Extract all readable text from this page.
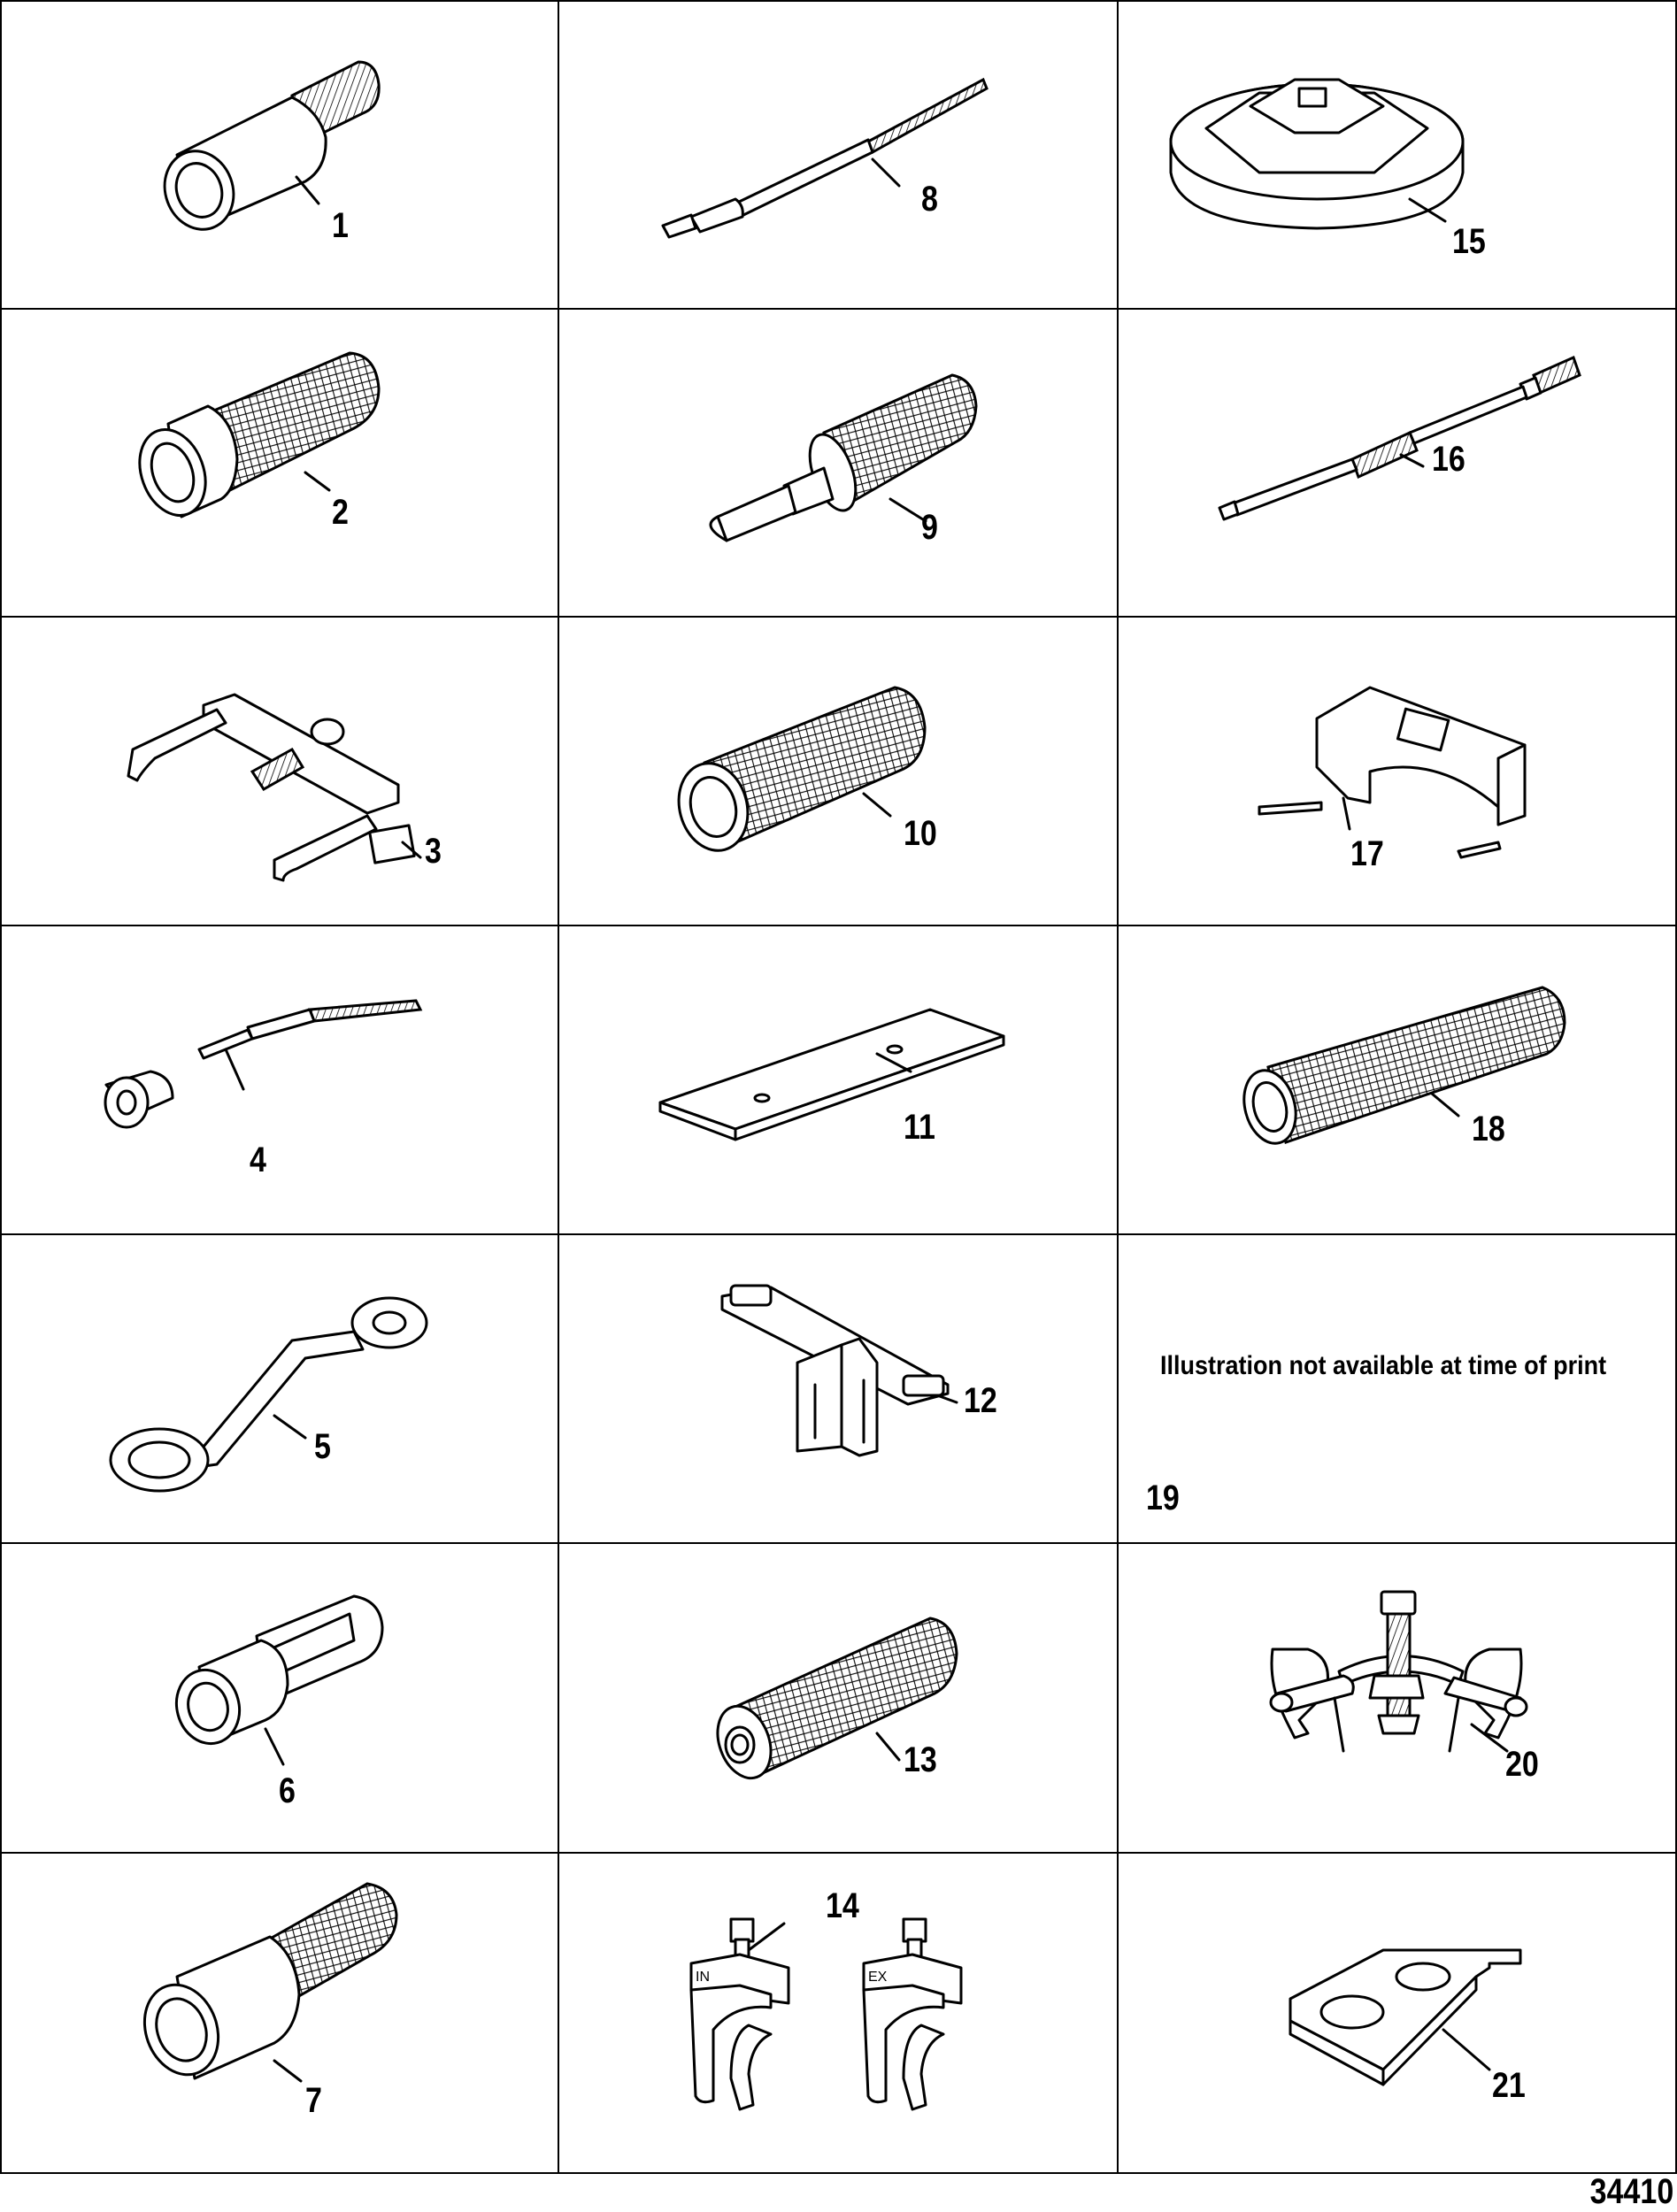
1
2
3
4
5
6
7
8
9
10
11
12
13
IN	EX
14
15
16
17
18
Illustration not available at time of print
19
20
21
34410
